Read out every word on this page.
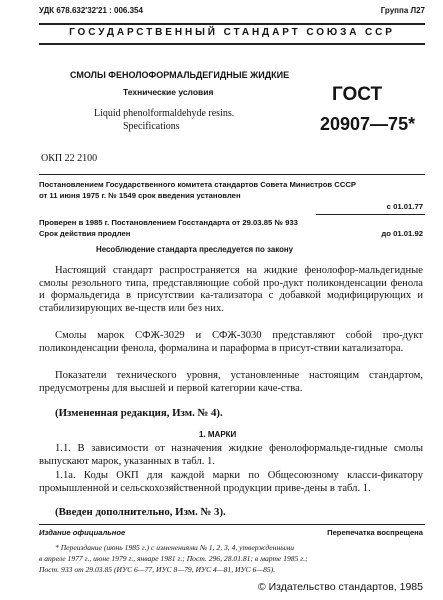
УДК 678.632'32'21 : 006.354	Группа Л27
ГОСУДАРСТВЕННЫЙ СТАНДАРТ СОЮЗА ССР
СМОЛЫ ФЕНОЛОФОРМАЛЬДЕГИДНЫЕ ЖИДКИЕ
Технические условия
Liquid phenolformaldehyde resins.
Specifications
ГОСТ
20907—75*
ОКП 22 2100
Постановлением Государственного комитета стандартов Совета Министров СССР
от 11 июня 1975 г. № 1549 срок введения установлен
с 01.01.77
Проверен в 1985 г. Постановлением Госстандарта от 29.03.85 № 933
Срок действия продлен	до 01.01.92
Несоблюдение стандарта преследуется по закону
Настоящий стандарт распространяется на жидкие фенолофор-мальдегидные смолы резольного типа, представляющие собой про-дукт поликонденсации фенола и формальдегида в присутствии ка-тализатора с добавкой модифицирующих и стабилизирующих ве-ществ или без них.
Смолы марок СФЖ-3029 и СФЖ-3030 представляют собой про-дукт поликонденсации фенола, формалина и параформа в присут-ствии катализатора.
Показатели технического уровня, установленные настоящим стандартом, предусмотрены для высшей и первой категории каче-ства.
(Измененная редакция, Изм. № 4).
1. МАРКИ
1.1. В зависимости от назначения жидкие фенолоформальде-гидные смолы выпускают марок, указанных в табл. 1.
1.1а. Коды ОКП для каждой марки по Общесоюзному класси-фикатору промышленной и сельскохозяйственной продукции приве-дены в табл. 1.
(Введен дополнительно, Изм. № 3).
Издание официальное	Перепечатка воспрещена
* Переиздание (июнь 1985 г.) с изменениями № 1, 2, 3, 4, утвержденными
в апреле 1977 г., июне 1979 г., январе 1981 г.; Пост. 296, 28.01.81; в марте 1985 г.;
Пост. 933 от 29.03.85 (ИУС 6—77, ИУС 8—79, ИУС 4—81, ИУС 6—85).
© Издательство стандартов, 1985
